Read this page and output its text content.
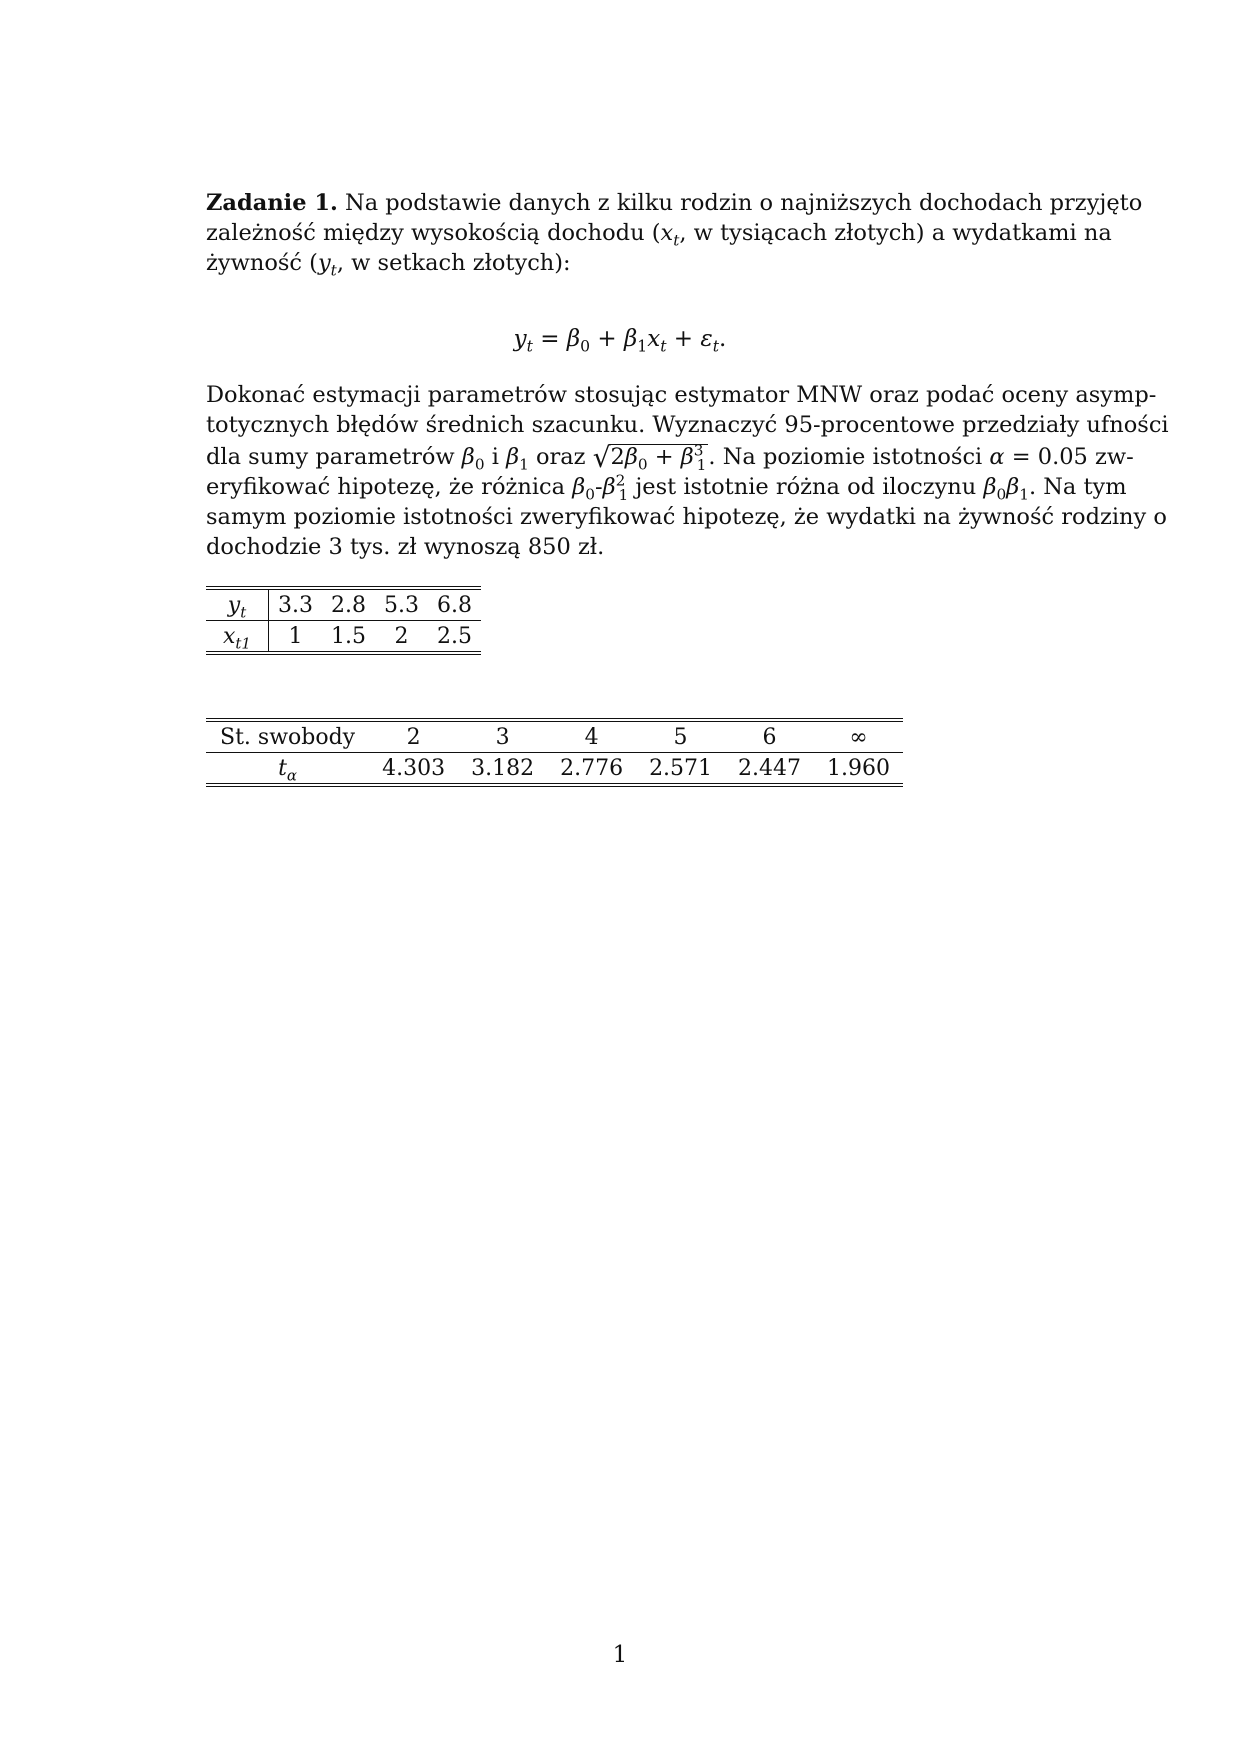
Zadanie 1. Na podstawie danych z kilku rodzin o najniższych dochodach przyjęto
zależność między wysokością dochodu ($x_t$, w tysiącach złotych) a wydatkami na
żywność ($y_t$, w setkach złotych):
$y_t = \beta_0 + \beta_1x_t + \varepsilon_t$.
Dokonać estymacji parametrów stosując estymator MNW oraz podać oceny asymp-
totycznych błędów średnich szacunku. Wyznaczyć 95-procentowe przedziały ufności
dla sumy parametrów $\beta_0$ i $\beta_1$ oraz $√2\beta_0 + \beta^3_1$. Na poziomie istotności α = 0.05 zw-
eryfikować hipotezę, że różnica $\beta_0-\beta^2_1$ jest istotnie różna od iloczynu $\beta_0\beta_1$. Na tym
samym poziomie istotności zweryfikować hipotezę, że wydatki na żywność rodziny o
dochodzie 3 tys. zł wynoszą 850 zł.
$y_t$	3.3	2.8	5.3	6.8
$x_{t1}$	1	1.5	2	2.5
St. swobody	2	3	4	5	6	∞
$t_\alpha$	4.303	3.182	2.776	2.571	2.447	1.960
1
